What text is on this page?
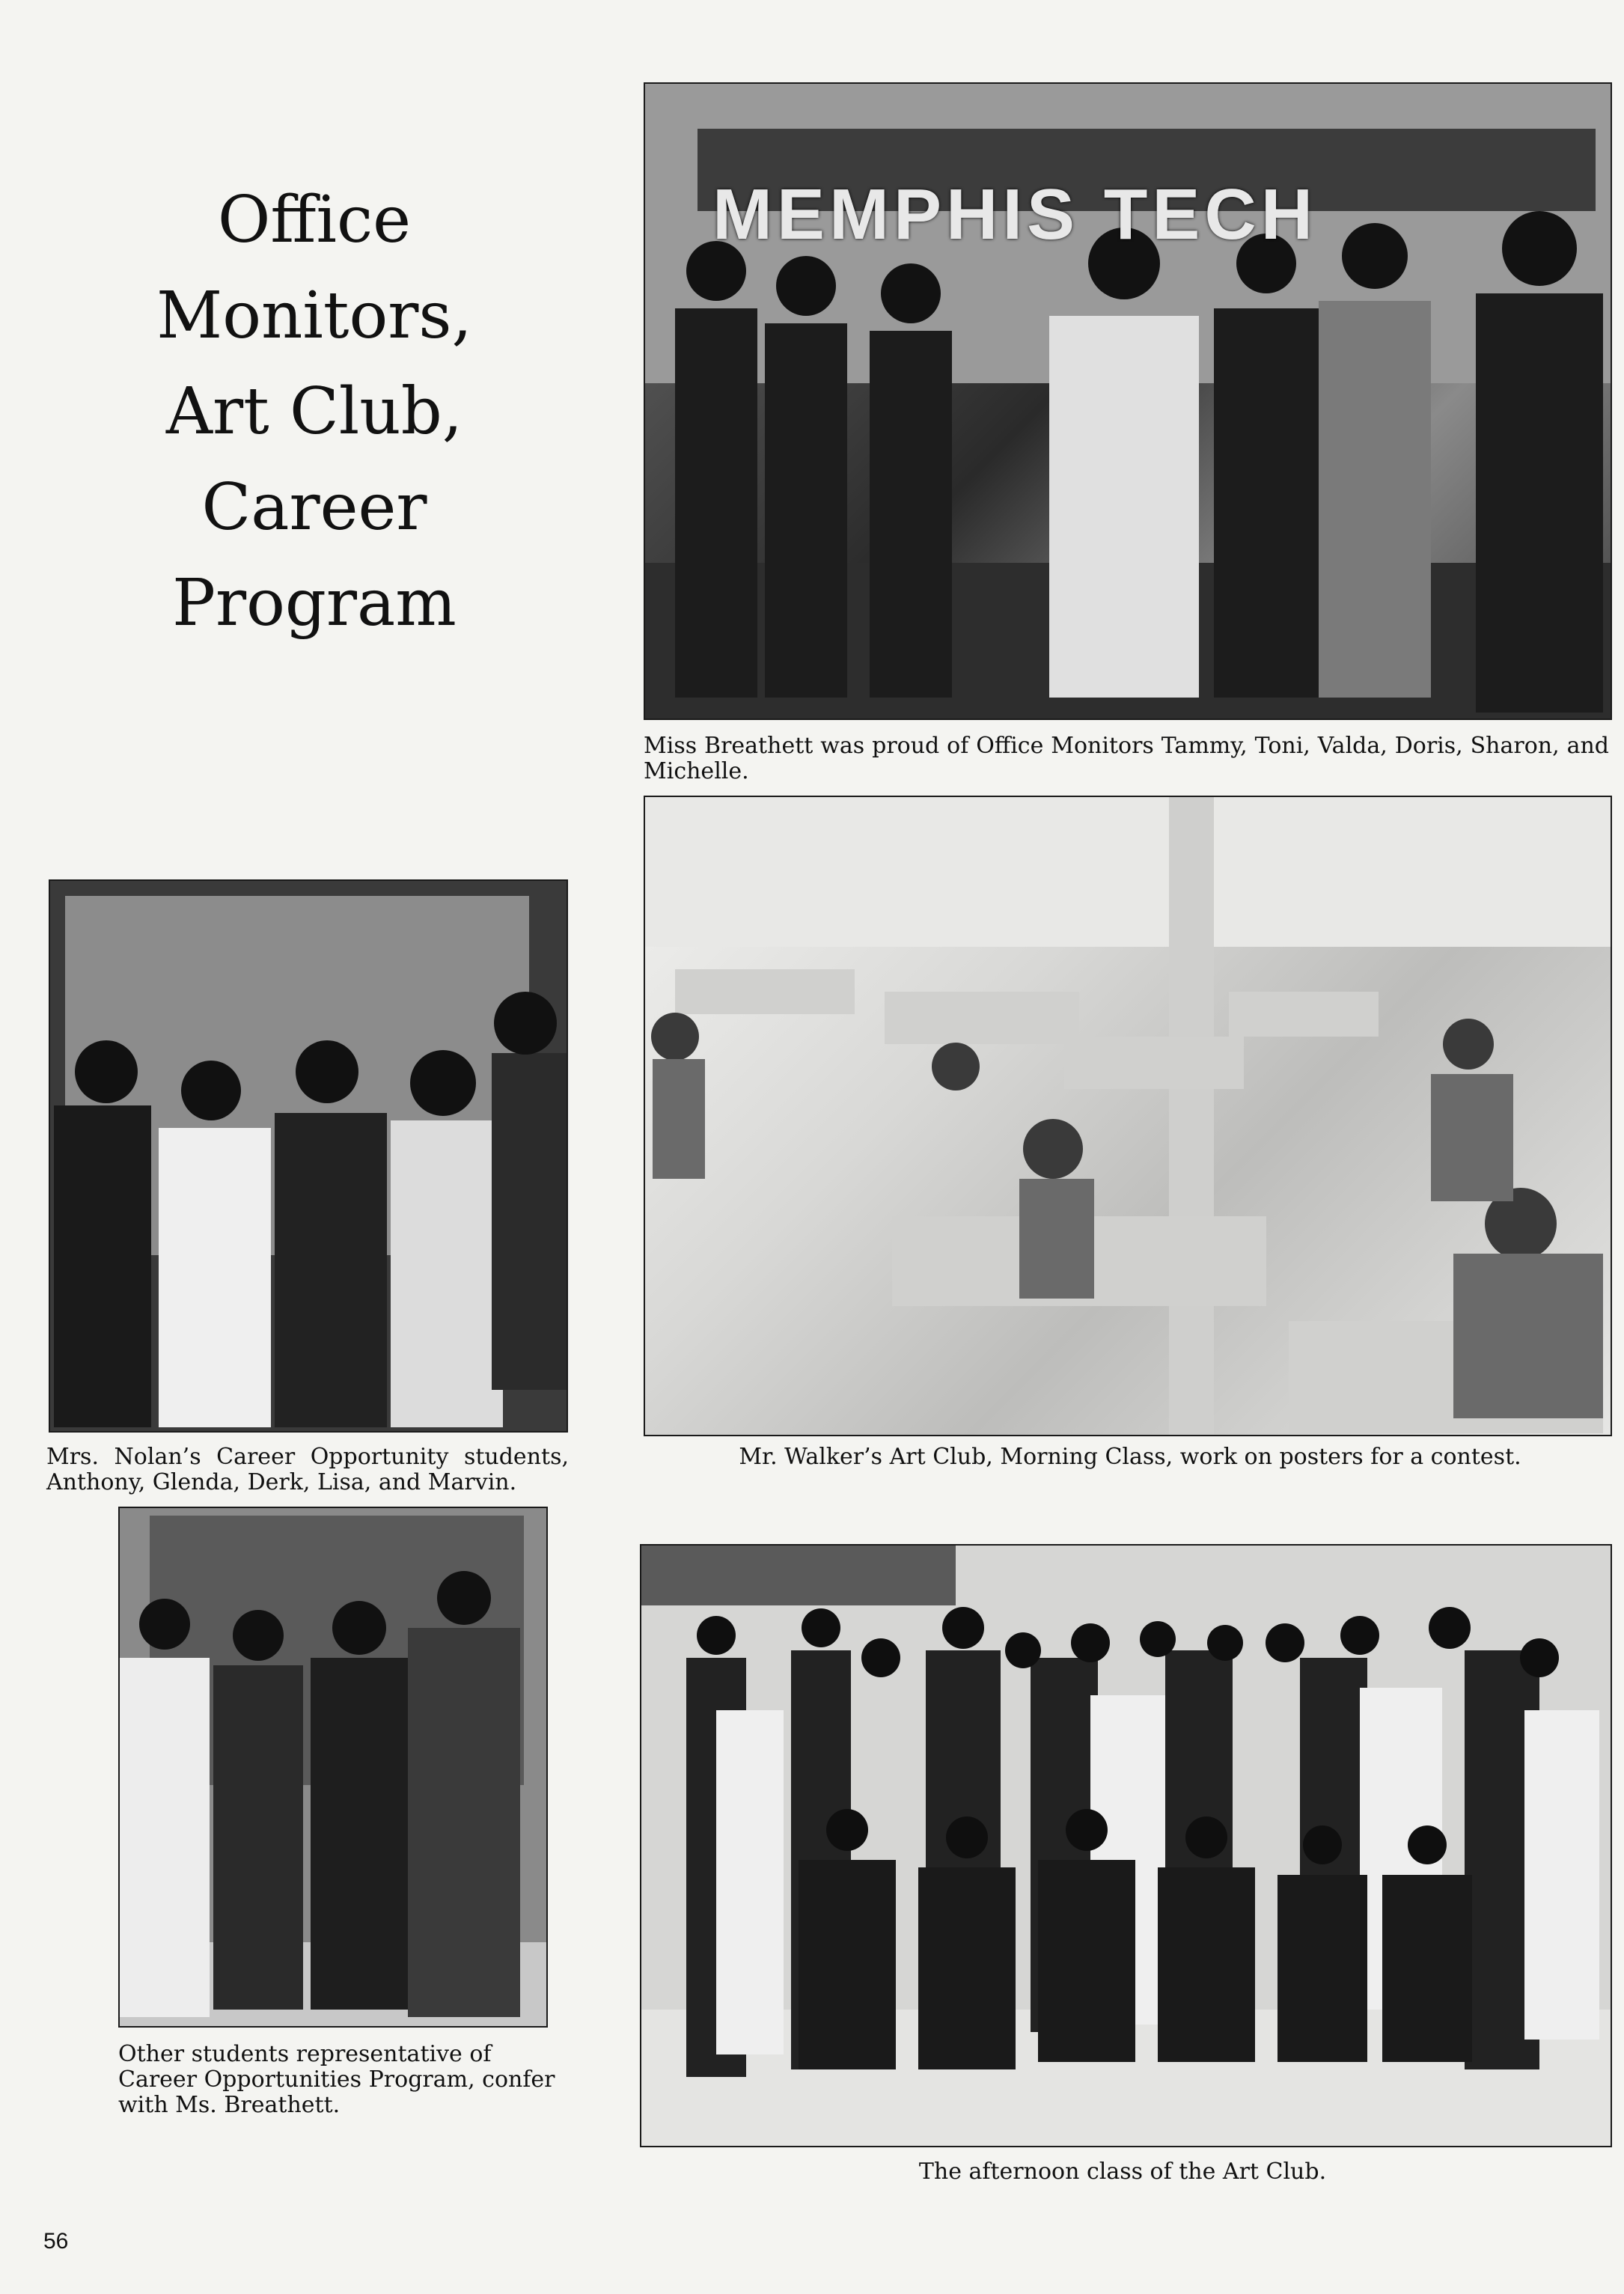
Office
Monitors,
Art Club,
Career
Program
MEMPHIS TECH
Miss Breathett was proud of Office Monitors Tammy, Toni, Valda, Doris, Sharon, and Michelle.
Mrs. Nolan’s Career Opportunity students, Anthony, Glenda, Derk, Lisa, and Marvin.
Mr. Walker’s Art Club, Morning Class, work on posters for a contest.
Other students representative of Career Opportunities Program, confer with Ms. Breathett.
The afternoon class of the Art Club.
56
